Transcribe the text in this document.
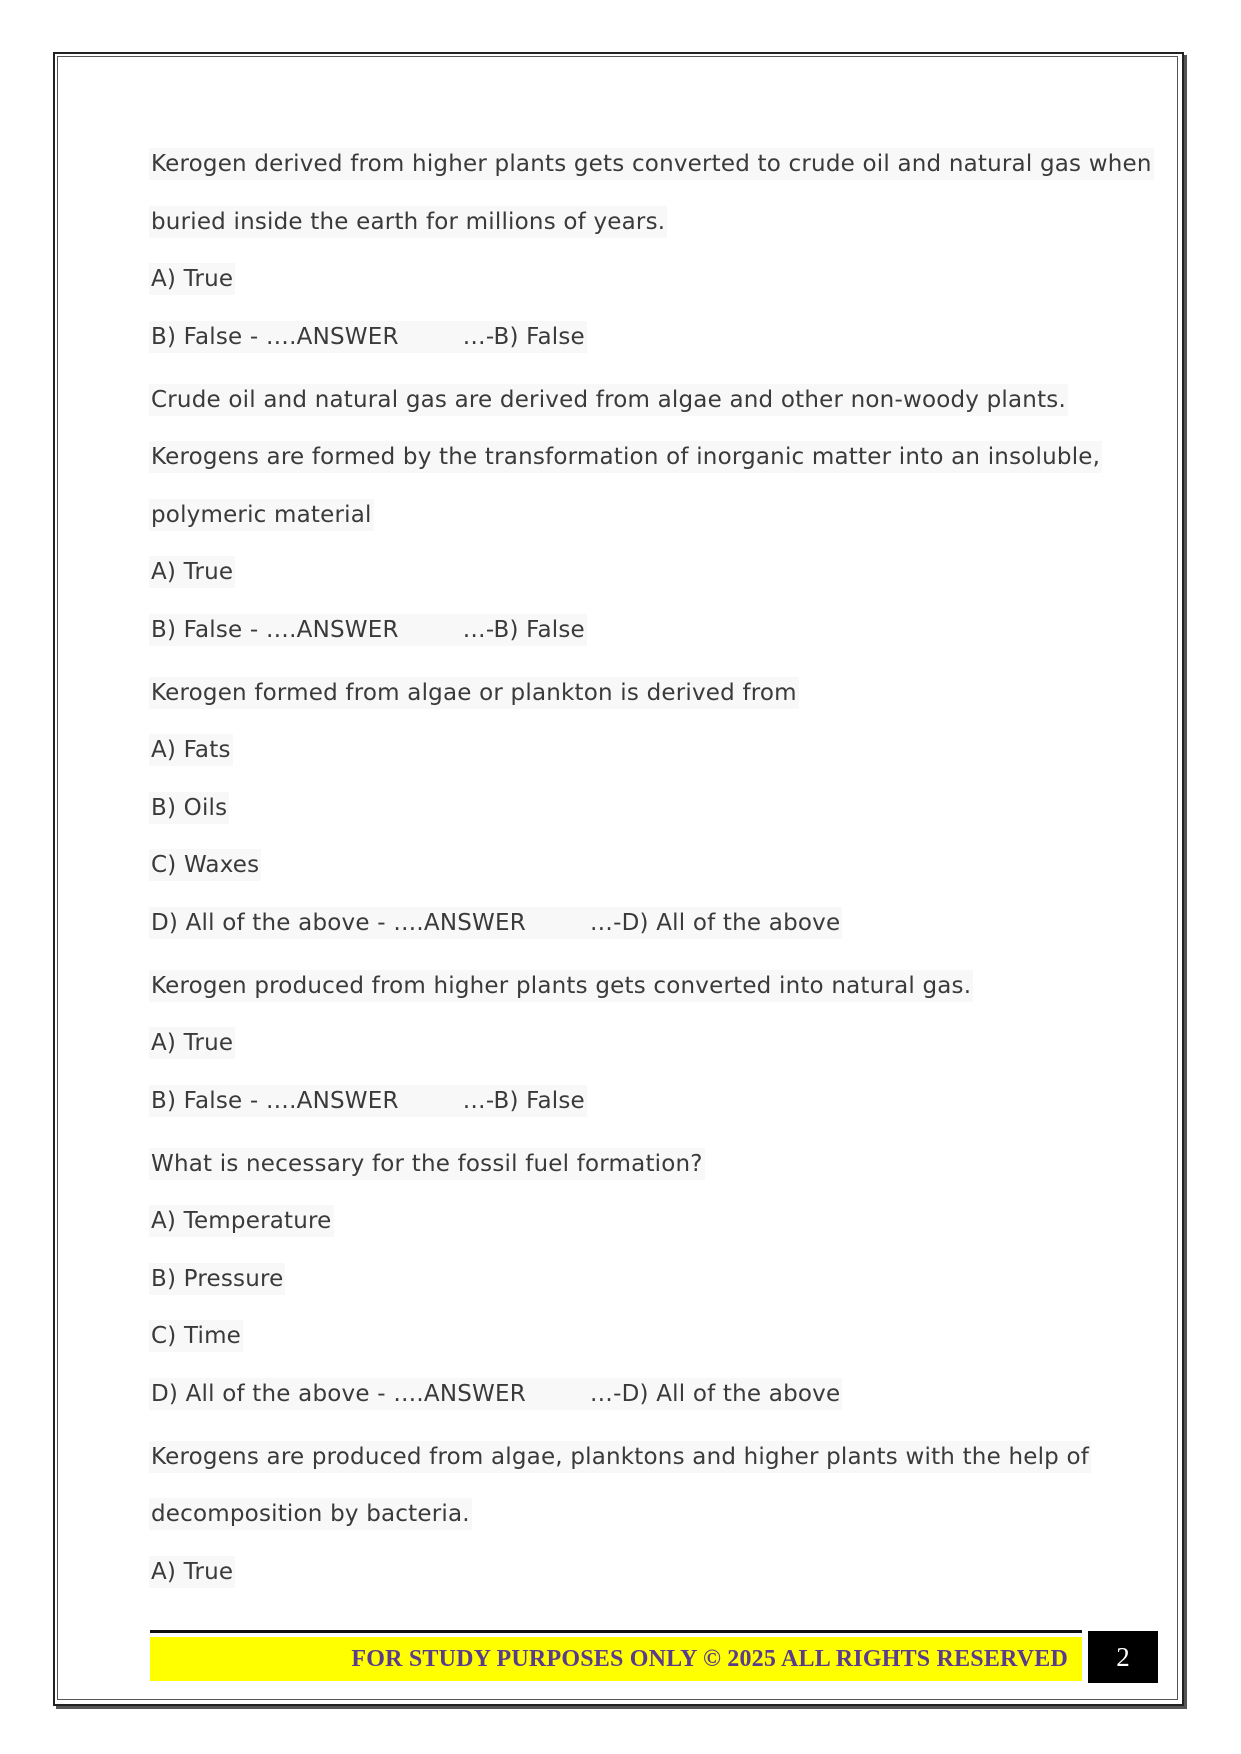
Kerogen derived from higher plants gets converted to crude oil and natural gas when
buried inside the earth for millions of years.
A) True
B) False - ….ANSWER	…-B) False
Crude oil and natural gas are derived from algae and other non-woody plants.
Kerogens are formed by the transformation of inorganic matter into an insoluble,
polymeric material
A) True
B) False - ….ANSWER	…-B) False
Kerogen formed from algae or plankton is derived from
A) Fats
B) Oils
C) Waxes
D) All of the above - ….ANSWER	…-D) All of the above
Kerogen produced from higher plants gets converted into natural gas.
A) True
B) False - ….ANSWER	…-B) False
What is necessary for the fossil fuel formation?
A) Temperature
B) Pressure
C) Time
D) All of the above - ….ANSWER	…-D) All of the above
Kerogens are produced from algae, planktons and higher plants with the help of
decomposition by bacteria.
A) True
FOR STUDY PURPOSES ONLY © 2025 ALL RIGHTS RESERVED	2
